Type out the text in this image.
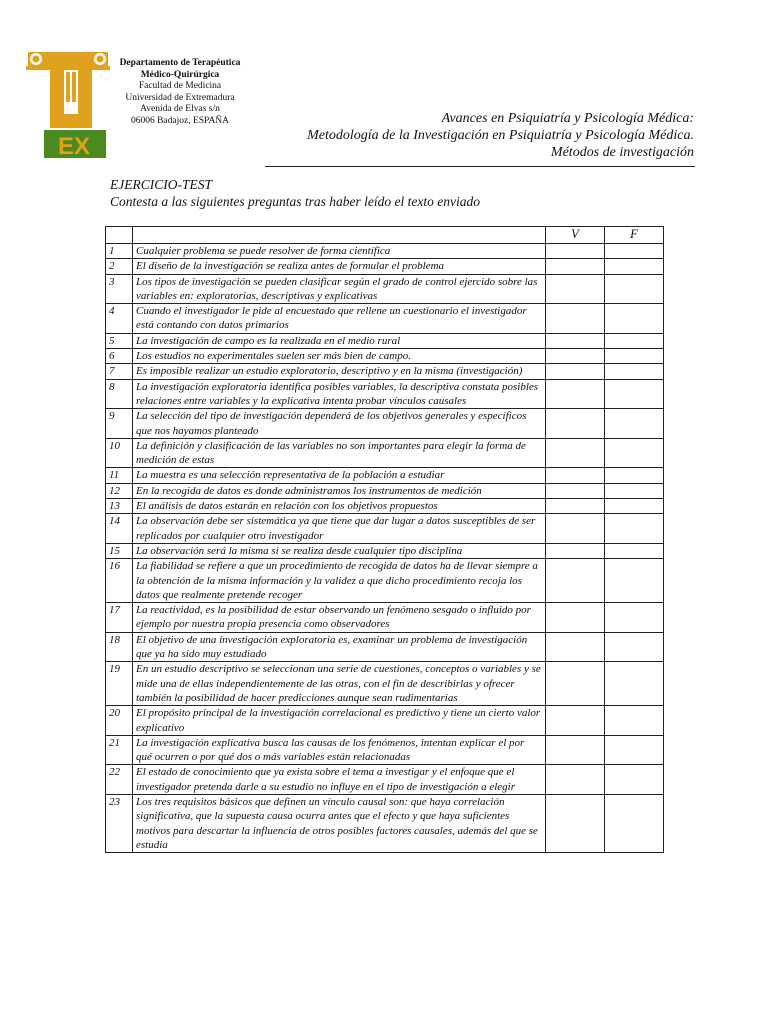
EX
Departamento de Terapéutica
Médico-Quirúrgica
Facultad de Medicina
Universidad de Extremadura
Avenida de Elvas s/n
06006 Badajoz, ESPAÑA	Avances en Psiquiatría y Psicología Médica:
Metodología de la Investigación en Psiquiatría y Psicología Médica.
Métodos de investigación
EJERCICIO-TEST
Contesta a las siguientes preguntas tras haber leído el texto enviado
		V	F
1	Cualquier problema se puede resolver de forma científica		
2	El diseño de la investigación se realiza antes de formular el problema		
3	Los tipos de investigación se pueden clasificar según el grado de control ejercido sobre las variables en: exploratorias, descriptivas y explicativas		
4	Cuando el investigador le pide al encuestado que rellene un cuestionario el investigador está contando con datos primarios		
5	La investigación de campo es la realizada en el medio rural		
6	Los estudios no experimentales suelen ser más bien de campo.		
7	Es imposible realizar un estudio exploratorio, descriptivo y en la misma (investigación)		
8	La investigación exploratoria identifica posibles variables, la descriptiva constata posibles relaciones entre variables y la explicativa intenta probar vínculos causales		
9	La selección del tipo de investigación dependerá de los objetivos generales y específicos que nos hayamos planteado		
10	La definición y clasificación de las variables no son importantes para elegir la forma de medición de estas		
11	La muestra es una selección representativa de la población a estudiar		
12	En la recogida de datos es donde administramos los instrumentos de medición		
13	El análisis de datos estarán en relación con los objetivos propuestos		
14	La observación debe ser sistemática ya que tiene que dar lugar a datos susceptibles de ser replicados por cualquier otro investigador		
15	La observación será la misma si se realiza desde cualquier tipo disciplina		
16	La fiabilidad se refiere a que un procedimiento de recogida de datos ha de llevar siempre a la obtención de la misma información y la validez a que dicho procedimiento recoja los datos que realmente pretende recoger		
17	La reactividad, es la posibilidad de estar observando un fenómeno sesgado o influido por ejemplo por nuestra propia presencia como observadores		
18	El objetivo de una investigación exploratoria es, examinar un problema de investigación que ya ha sido muy estudiado		
19	En un estudio descriptivo se seleccionan una serie de cuestiones, conceptos o variables y se mide una de ellas independientemente de las otras, con el fin de describirlas y ofrecer también la posibilidad de hacer predicciones aunque sean rudimentarias		
20	El propósito principal de la investigación correlacional es predictivo y tiene un cierto valor explicativo		
21	La investigación explicativa busca las causas de los fenómenos, intentan explicar el por qué ocurren o por qué dos o más variables están relacionadas		
22	El estado de conocimiento que ya exista sobre el tema a investigar y el enfoque que el investigador pretenda darle a su estudio no influye en el tipo de investigación a elegir		
23	Los tres requisitos básicos que definen un vínculo causal son: que haya correlación significativa, que la supuesta causa ocurra antes que el efecto y que haya suficientes motivos para descartar la influencia de otros posibles factores causales, además del que se estudia		
